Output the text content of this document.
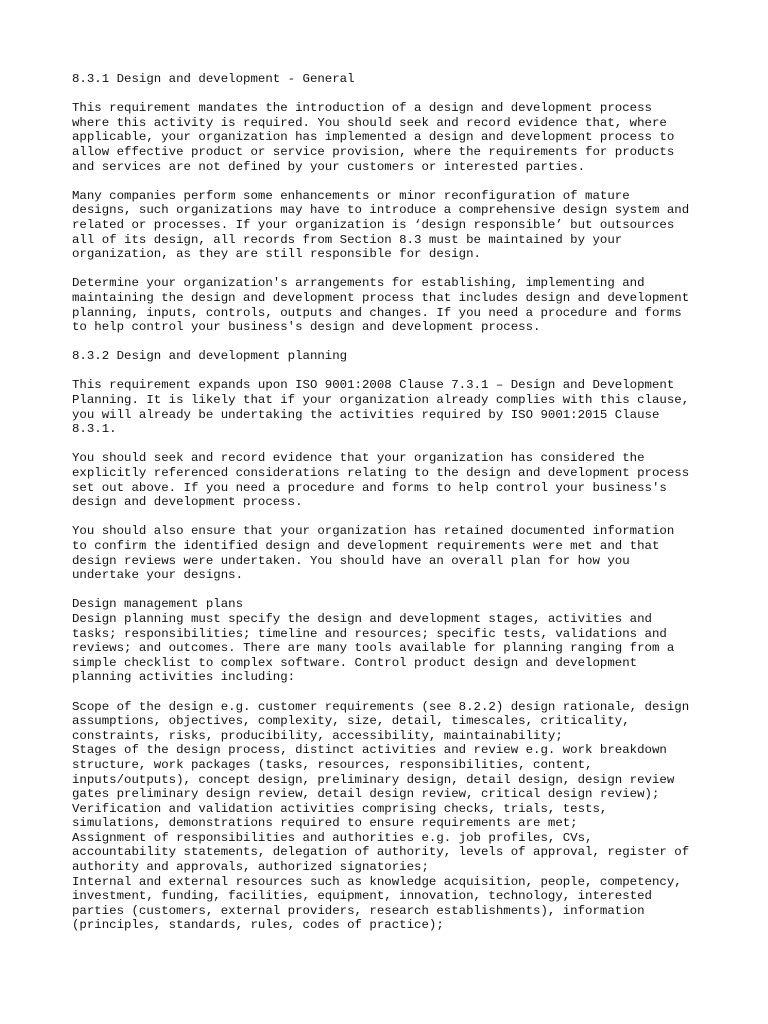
8.3.1 Design and development - General
This requirement mandates the introduction of a design and development process
where this activity is required. You should seek and record evidence that, where
applicable, your organization has implemented a design and development process to
allow effective product or service provision, where the requirements for products
and services are not defined by your customers or interested parties.
Many companies perform some enhancements or minor reconfiguration of mature
designs, such organizations may have to introduce a comprehensive design system and
related or processes. If your organization is ‘design responsible’ but outsources
all of its design, all records from Section 8.3 must be maintained by your
organization, as they are still responsible for design.
Determine your organization's arrangements for establishing, implementing and
maintaining the design and development process that includes design and development
planning, inputs, controls, outputs and changes. If you need a procedure and forms
to help control your business's design and development process.
8.3.2 Design and development planning
This requirement expands upon ISO 9001:2008 Clause 7.3.1 – Design and Development
Planning. It is likely that if your organization already complies with this clause,
you will already be undertaking the activities required by ISO 9001:2015 Clause
8.3.1.
You should seek and record evidence that your organization has considered the
explicitly referenced considerations relating to the design and development process
set out above. If you need a procedure and forms to help control your business's
design and development process.
You should also ensure that your organization has retained documented information
to confirm the identified design and development requirements were met and that
design reviews were undertaken. You should have an overall plan for how you
undertake your designs.
Design management plans
Design planning must specify the design and development stages, activities and
tasks; responsibilities; timeline and resources; specific tests, validations and
reviews; and outcomes. There are many tools available for planning ranging from a
simple checklist to complex software. Control product design and development
planning activities including:
Scope of the design e.g. customer requirements (see 8.2.2) design rationale, design
assumptions, objectives, complexity, size, detail, timescales, criticality,
constraints, risks, producibility, accessibility, maintainability;
Stages of the design process, distinct activities and review e.g. work breakdown
structure, work packages (tasks, resources, responsibilities, content,
inputs/outputs), concept design, preliminary design, detail design, design review
gates preliminary design review, detail design review, critical design review);
Verification and validation activities comprising checks, trials, tests,
simulations, demonstrations required to ensure requirements are met;
Assignment of responsibilities and authorities e.g. job profiles, CVs,
accountability statements, delegation of authority, levels of approval, register of
authority and approvals, authorized signatories;
Internal and external resources such as knowledge acquisition, people, competency,
investment, funding, facilities, equipment, innovation, technology, interested
parties (customers, external providers, research establishments), information
(principles, standards, rules, codes of practice);
